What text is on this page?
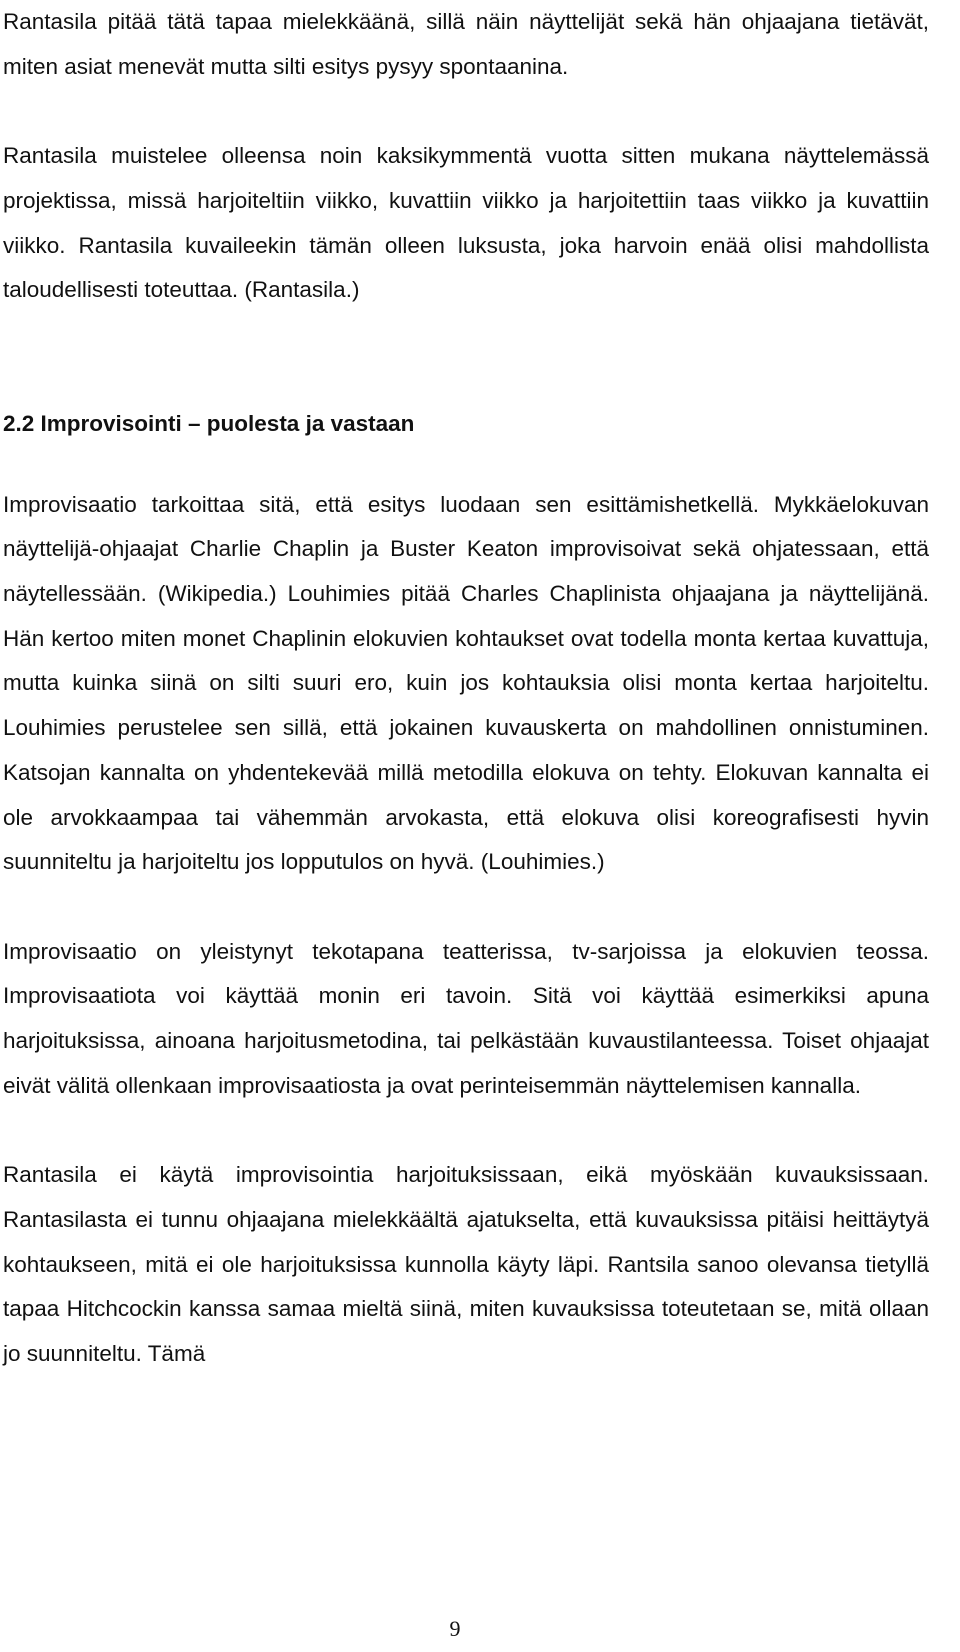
Rantasila pitää tätä tapaa mielekkäänä, sillä näin näyttelijät sekä hän ohjaajana tietävät, miten asiat menevät mutta silti esitys pysyy spontaanina.

Rantasila muistelee olleensa noin kaksikymmentä vuotta sitten mukana näyttelemässä projektissa, missä harjoiteltiin viikko, kuvattiin viikko ja harjoitettiin taas viikko ja kuvattiin viikko. Rantasila kuvaileekin tämän olleen luksusta, joka harvoin enää olisi mahdollista taloudellisesti toteuttaa. (Rantasila.)

2.2 Improvisointi – puolesta ja vastaan

Improvisaatio tarkoittaa sitä, että esitys luodaan sen esittämishetkellä. Mykkäelokuvan näyttelijä-ohjaajat Charlie Chaplin ja Buster Keaton improvisoivat sekä ohjatessaan, että näytellessään. (Wikipedia.) Louhimies pitää Charles Chaplinista ohjaajana ja näyttelijänä. Hän kertoo miten monet Chaplinin elokuvien kohtaukset ovat todella monta kertaa kuvattuja, mutta kuinka siinä on silti suuri ero, kuin jos kohtauksia olisi monta kertaa harjoiteltu. Louhimies perustelee sen sillä, että jokainen kuvauskerta on mahdollinen onnistuminen. Katsojan kannalta on yhdentekevää millä metodilla elokuva on tehty. Elokuvan kannalta ei ole arvokkaampaa tai vähemmän arvokasta, että elokuva olisi koreografisesti hyvin suunniteltu ja harjoiteltu jos lopputulos on hyvä. (Louhimies.)

Improvisaatio on yleistynyt tekotapana teatterissa, tv-sarjoissa ja elokuvien teossa. Improvisaatiota voi käyttää monin eri tavoin. Sitä voi käyttää esimerkiksi apuna harjoituksissa, ainoana harjoitusmetodina, tai pelkästään kuvaustilanteessa. Toiset ohjaajat eivät välitä ollenkaan improvisaatiosta ja ovat perinteisemmän näyttelemisen kannalla.

Rantasila ei käytä improvisointia harjoituksissaan, eikä myöskään kuvauksissaan. Rantasilasta ei tunnu ohjaajana mielekkäältä ajatukselta, että kuvauksissa pitäisi heittäytyä kohtaukseen, mitä ei ole harjoituksissa kunnolla käyty läpi. Rantsila sanoo olevansa tietyllä tapaa Hitchcockin kanssa samaa mieltä siinä, miten kuvauksissa toteutetaan se, mitä ollaan jo suunniteltu. Tämä

9
